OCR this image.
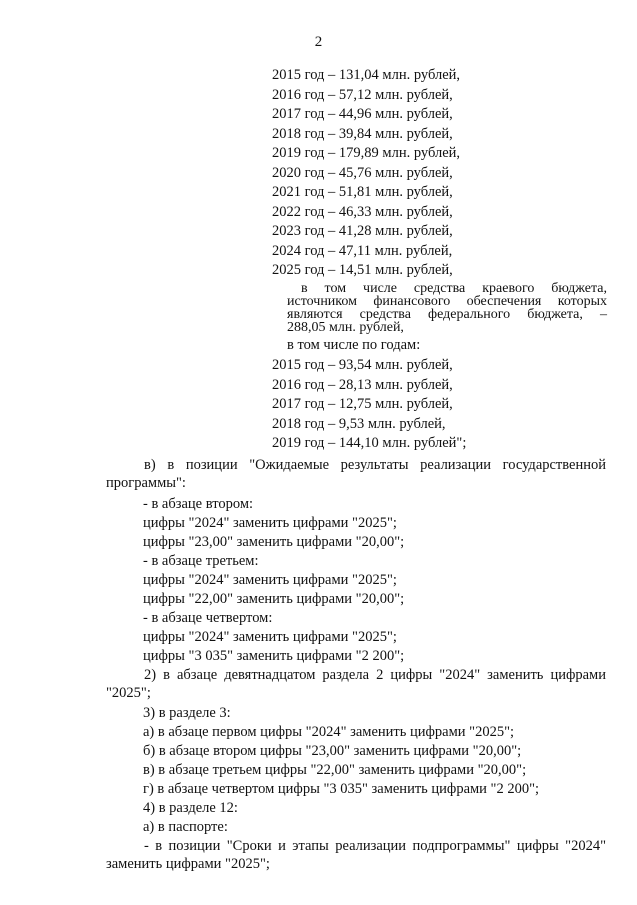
2
2015 год – 131,04 млн. рублей,
2016 год – 57,12 млн. рублей,
2017 год – 44,96 млн. рублей,
2018 год – 39,84 млн. рублей,
2019 год – 179,89 млн. рублей,
2020 год – 45,76 млн. рублей,
2021 год – 51,81 млн. рублей,
2022 год – 46,33 млн. рублей,
2023 год – 41,28 млн. рублей,
2024 год – 47,11 млн. рублей,
2025 год – 14,51 млн. рублей,
в том числе средства краевого бюджета,
источником финансового обеспечения которых
являются средства федерального бюджета, –
288,05 млн. рублей,
в том числе по годам:
2015 год – 93,54 млн. рублей,
2016 год – 28,13 млн. рублей,
2017 год – 12,75 млн. рублей,
2018 год – 9,53 млн. рублей,
2019 год – 144,10 млн. рублей";
в) в позиции "Ожидаемые результаты реализации государственной
программы":
- в абзаце втором:
цифры "2024" заменить цифрами "2025";
цифры "23,00" заменить цифрами "20,00";
- в абзаце третьем:
цифры "2024" заменить цифрами "2025";
цифры "22,00" заменить цифрами "20,00";
- в абзаце четвертом:
цифры "2024" заменить цифрами "2025";
цифры "3 035" заменить цифрами "2 200";
2) в абзаце девятнадцатом раздела 2 цифры "2024" заменить цифрами
"2025";
3) в разделе 3:
а) в абзаце первом цифры "2024" заменить цифрами "2025";
б) в абзаце втором цифры "23,00" заменить цифрами "20,00";
в) в абзаце третьем цифры "22,00" заменить цифрами "20,00";
г) в абзаце четвертом цифры "3 035" заменить цифрами "2 200";
4) в разделе 12:
а) в паспорте:
- в позиции "Сроки и этапы реализации подпрограммы" цифры "2024"
заменить цифрами "2025";
